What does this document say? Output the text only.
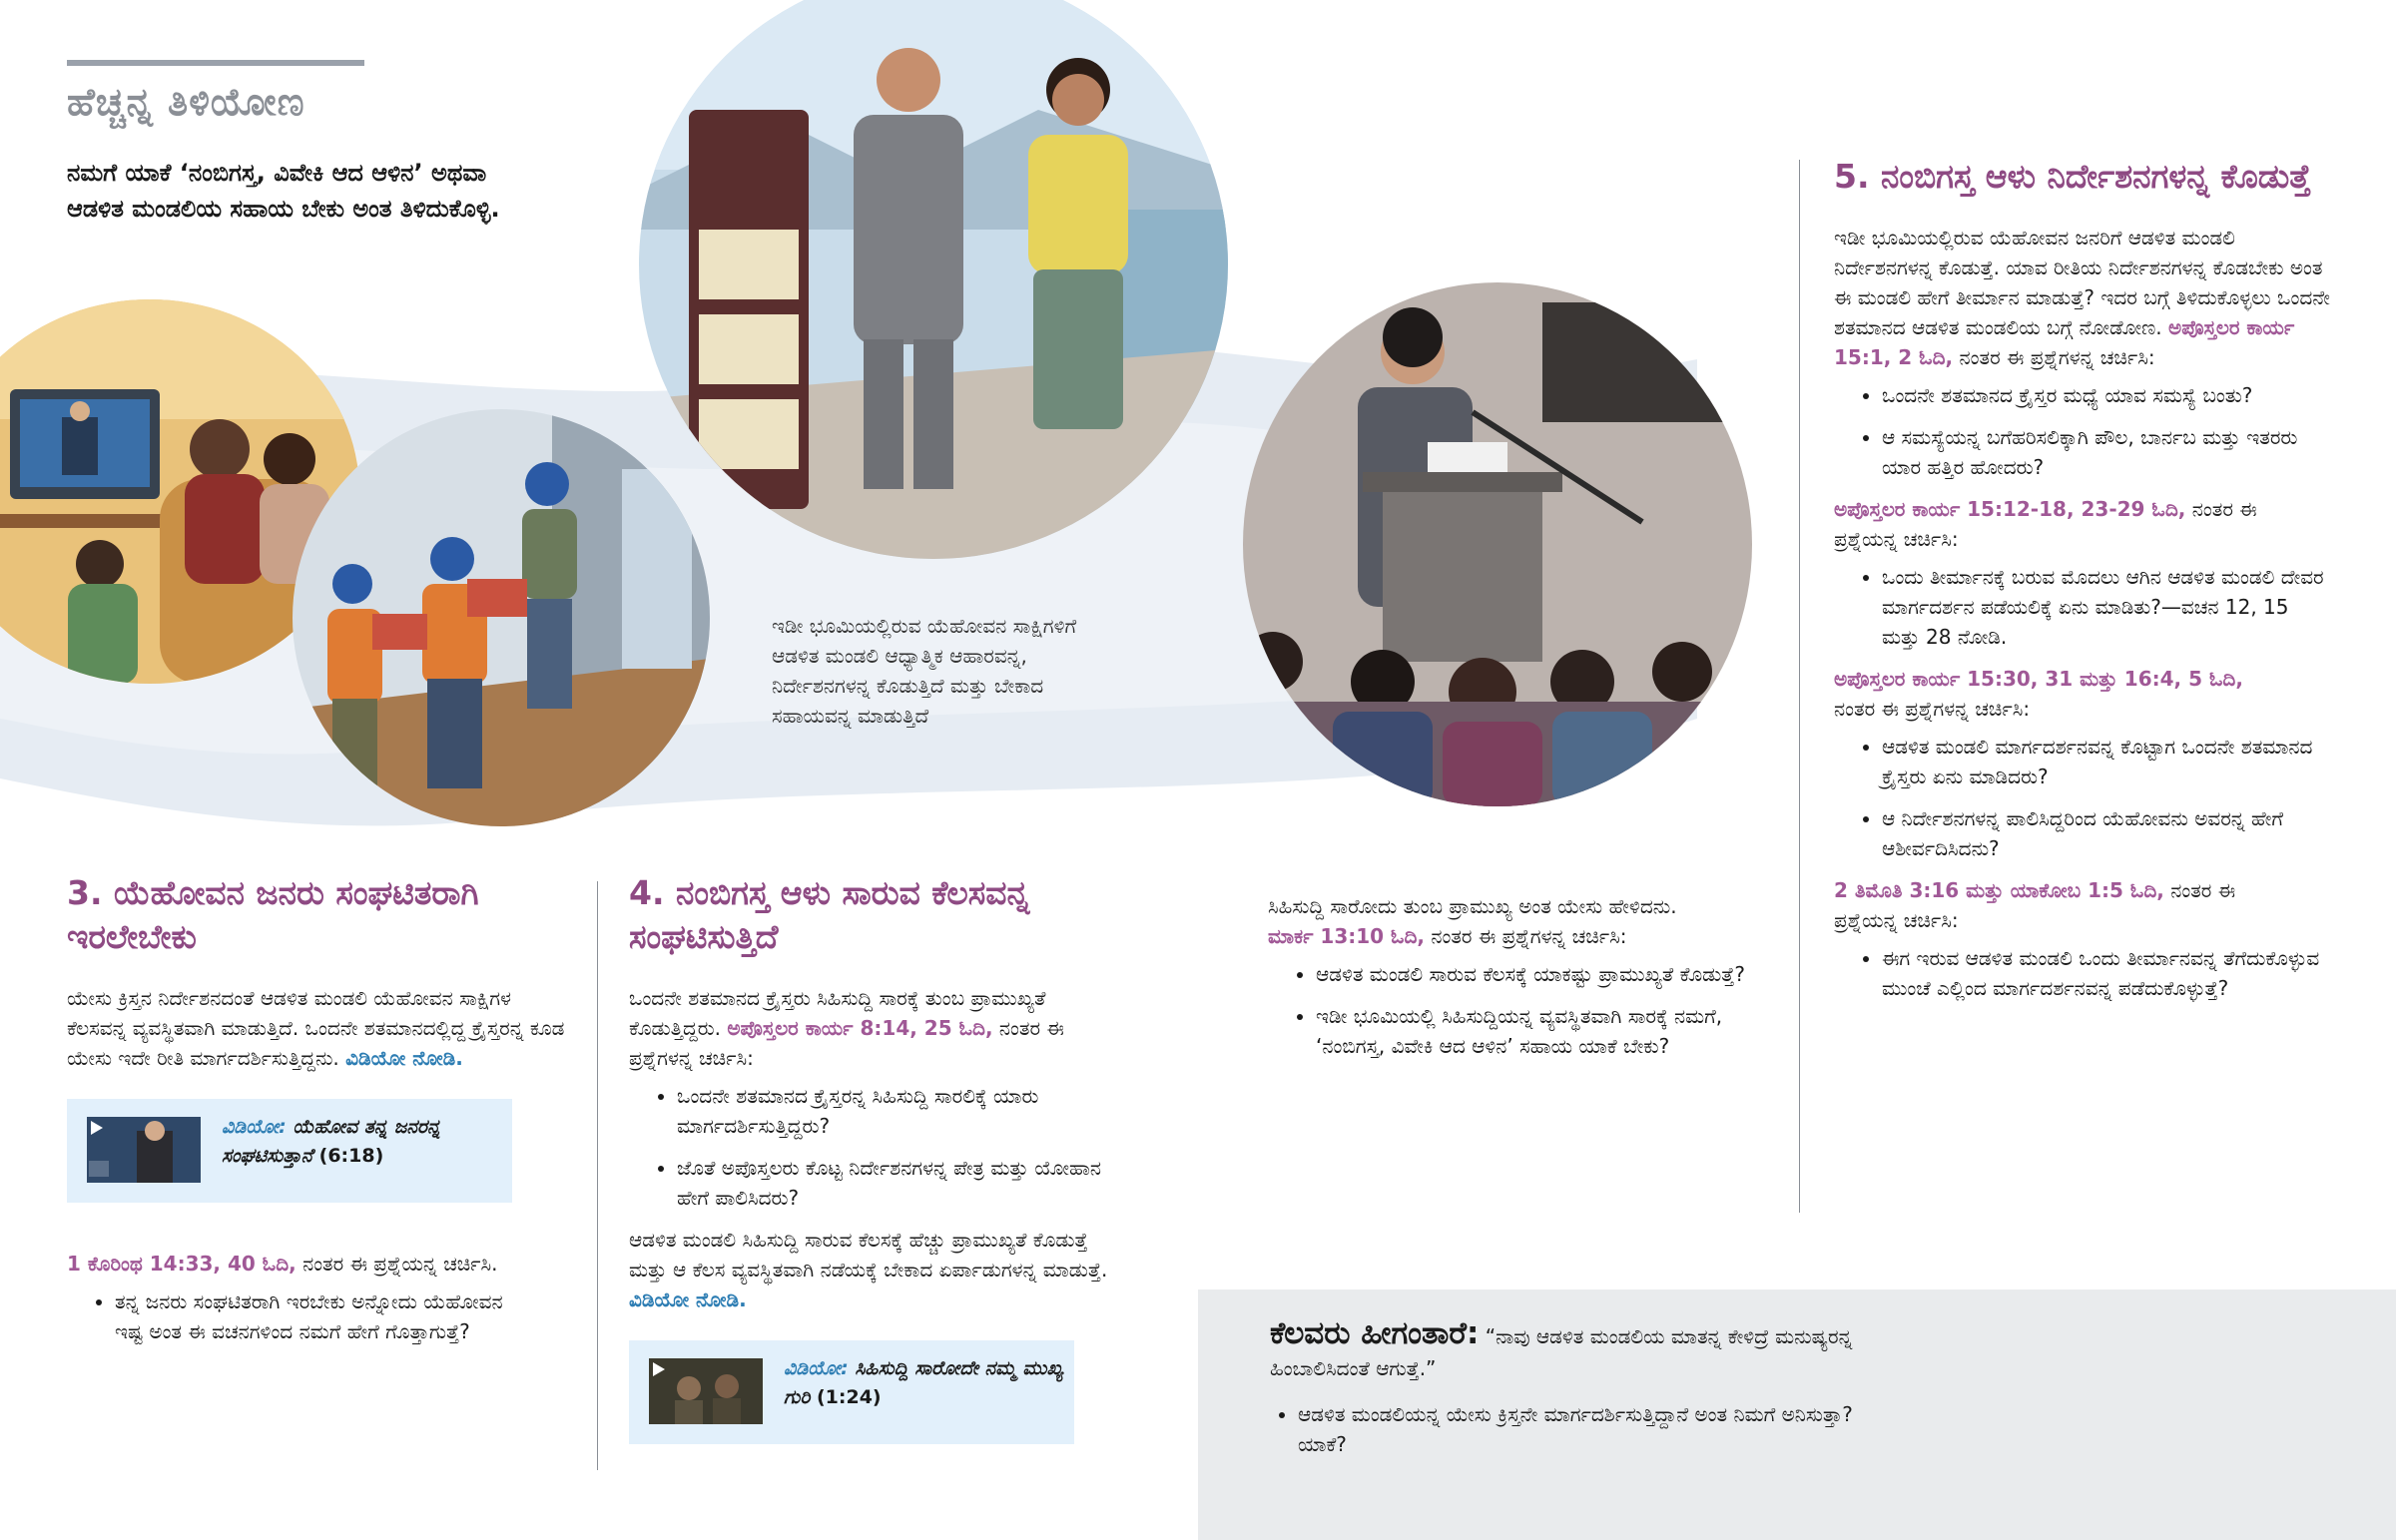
ಹೆಚ್ಚನ್ನ ತಿಳಿಯೋಣ
ನಮಗೆ ಯಾಕೆ ‘ನಂಬಿಗಸ್ತ, ವಿವೇಕಿ ಆದ ಆಳಿನ’ ಅಥವಾ ಆಡಳಿತ ಮಂಡಲಿಯ ಸಹಾಯ ಬೇಕು ಅಂತ ತಿಳಿದುಕೊಳ್ಳಿ.
ಇಡೀ ಭೂಮಿಯಲ್ಲಿರುವ ಯೆಹೋವನ ಸಾಕ್ಷಿಗಳಿಗೆ ಆಡಳಿತ ಮಂಡಲಿ ಆಧ್ಯಾತ್ಮಿಕ ಆಹಾರವನ್ನ, ನಿರ್ದೇಶನಗಳನ್ನ ಕೊಡುತ್ತಿದೆ ಮತ್ತು ಬೇಕಾದ ಸಹಾಯವನ್ನ ಮಾಡುತ್ತಿದೆ
3. ಯೆಹೋವನ ಜನರು ಸಂಘಟಿತರಾಗಿ ಇರಲೇಬೇಕು
ಯೇಸು ಕ್ರಿಸ್ತನ ನಿರ್ದೇಶನದಂತೆ ಆಡಳಿತ ಮಂಡಲಿ ಯೆಹೋವನ ಸಾಕ್ಷಿಗಳ ಕೆಲಸವನ್ನ ವ್ಯವಸ್ಥಿತವಾಗಿ ಮಾಡುತ್ತಿದೆ. ಒಂದನೇ ಶತಮಾನದಲ್ಲಿದ್ದ ಕ್ರೈಸ್ತರನ್ನ ಕೂಡ ಯೇಸು ಇದೇ ರೀತಿ ಮಾರ್ಗದರ್ಶಿಸುತ್ತಿದ್ದನು. ವಿಡಿಯೋ ನೋಡಿ.
ವಿಡಿಯೋ: ಯೆಹೋವ ತನ್ನ ಜನರನ್ನ ಸಂಘಟಿಸುತ್ತಾನೆ (6:18)
1 ಕೊರಿಂಥ 14:33, 40 ಓದಿ, ನಂತರ ಈ ಪ್ರಶ್ನೆಯನ್ನ ಚರ್ಚಿಸಿ.
• ತನ್ನ ಜನರು ಸಂಘಟಿತರಾಗಿ ಇರಬೇಕು ಅನ್ನೋದು ಯೆಹೋವನ ಇಷ್ಟ ಅಂತ ಈ ವಚನಗಳಿಂದ ನಮಗೆ ಹೇಗೆ ಗೊತ್ತಾಗುತ್ತೆ?
4. ನಂಬಿಗಸ್ತ ಆಳು ಸಾರುವ ಕೆಲಸವನ್ನ ಸಂಘಟಿಸುತ್ತಿದೆ
ಒಂದನೇ ಶತಮಾನದ ಕ್ರೈಸ್ತರು ಸಿಹಿಸುದ್ದಿ ಸಾರಕ್ಕೆ ತುಂಬ ಪ್ರಾಮುಖ್ಯತೆ ಕೊಡುತ್ತಿದ್ದರು. ಅಪೊಸ್ತಲರ ಕಾರ್ಯ 8:14, 25 ಓದಿ, ನಂತರ ಈ ಪ್ರಶ್ನೆಗಳನ್ನ ಚರ್ಚಿಸಿ:
• ಒಂದನೇ ಶತಮಾನದ ಕ್ರೈಸ್ತರನ್ನ ಸಿಹಿಸುದ್ದಿ ಸಾರಲಿಕ್ಕೆ ಯಾರು ಮಾರ್ಗದರ್ಶಿಸುತ್ತಿದ್ದರು?
• ಜೊತೆ ಅಪೊಸ್ತಲರು ಕೊಟ್ಟ ನಿರ್ದೇಶನಗಳನ್ನ ಪೇತ್ರ ಮತ್ತು ಯೋಹಾನ ಹೇಗೆ ಪಾಲಿಸಿದರು?
ಆಡಳಿತ ಮಂಡಲಿ ಸಿಹಿಸುದ್ದಿ ಸಾರುವ ಕೆಲಸಕ್ಕೆ ಹೆಚ್ಚು ಪ್ರಾಮುಖ್ಯತೆ ಕೊಡುತ್ತೆ ಮತ್ತು ಆ ಕೆಲಸ ವ್ಯವಸ್ಥಿತವಾಗಿ ನಡೆಯಕ್ಕೆ ಬೇಕಾದ ಏರ್ಪಾಡುಗಳನ್ನ ಮಾಡುತ್ತೆ. ವಿಡಿಯೋ ನೋಡಿ.
ವಿಡಿಯೋ: ಸಿಹಿಸುದ್ದಿ ಸಾರೋದೇ ನಮ್ಮ ಮುಖ್ಯ ಗುರಿ (1:24)
ಸಿಹಿಸುದ್ದಿ ಸಾರೋದು ತುಂಬ ಪ್ರಾಮುಖ್ಯ ಅಂತ ಯೇಸು ಹೇಳಿದನು. ಮಾರ್ಕ 13:10 ಓದಿ, ನಂತರ ಈ ಪ್ರಶ್ನೆಗಳನ್ನ ಚರ್ಚಿಸಿ:
• ಆಡಳಿತ ಮಂಡಲಿ ಸಾರುವ ಕೆಲಸಕ್ಕೆ ಯಾಕಷ್ಟು ಪ್ರಾಮುಖ್ಯತೆ ಕೊಡುತ್ತೆ?
• ಇಡೀ ಭೂಮಿಯಲ್ಲಿ ಸಿಹಿಸುದ್ದಿಯನ್ನ ವ್ಯವಸ್ಥಿತವಾಗಿ ಸಾರಕ್ಕೆ ನಮಗೆ, ‘ನಂಬಿಗಸ್ತ, ವಿವೇಕಿ ಆದ ಆಳಿನ’ ಸಹಾಯ ಯಾಕೆ ಬೇಕು?
5. ನಂಬಿಗಸ್ತ ಆಳು ನಿರ್ದೇಶನಗಳನ್ನ ಕೊಡುತ್ತೆ
ಇಡೀ ಭೂಮಿಯಲ್ಲಿರುವ ಯೆಹೋವನ ಜನರಿಗೆ ಆಡಳಿತ ಮಂಡಲಿ ನಿರ್ದೇಶನಗಳನ್ನ ಕೊಡುತ್ತೆ. ಯಾವ ರೀತಿಯ ನಿರ್ದೇಶನಗಳನ್ನ ಕೊಡಬೇಕು ಅಂತ ಈ ಮಂಡಲಿ ಹೇಗೆ ತೀರ್ಮಾನ ಮಾಡುತ್ತೆ? ಇದರ ಬಗ್ಗೆ ತಿಳಿದುಕೊಳ್ಳಲು ಒಂದನೇ ಶತಮಾನದ ಆಡಳಿತ ಮಂಡಲಿಯ ಬಗ್ಗೆ ನೋಡೋಣ. ಅಪೊಸ್ತಲರ ಕಾರ್ಯ 15:1, 2 ಓದಿ, ನಂತರ ಈ ಪ್ರಶ್ನೆಗಳನ್ನ ಚರ್ಚಿಸಿ:
• ಒಂದನೇ ಶತಮಾನದ ಕ್ರೈಸ್ತರ ಮಧ್ಯೆ ಯಾವ ಸಮಸ್ಯೆ ಬಂತು?
• ಆ ಸಮಸ್ಯೆಯನ್ನ ಬಗೆಹರಿಸಲಿಕ್ಕಾಗಿ ಪೌಲ, ಬಾರ್ನಬ ಮತ್ತು ಇತರರು ಯಾರ ಹತ್ತಿರ ಹೋದರು?
ಅಪೊಸ್ತಲರ ಕಾರ್ಯ 15:12-18, 23-29 ಓದಿ, ನಂತರ ಈ ಪ್ರಶ್ನೆಯನ್ನ ಚರ್ಚಿಸಿ:
• ಒಂದು ತೀರ್ಮಾನಕ್ಕೆ ಬರುವ ಮೊದಲು ಆಗಿನ ಆಡಳಿತ ಮಂಡಲಿ ದೇವರ ಮಾರ್ಗದರ್ಶನ ಪಡೆಯಲಿಕ್ಕೆ ಏನು ಮಾಡಿತು?—ವಚನ 12, 15 ಮತ್ತು 28 ನೋಡಿ.
ಅಪೊಸ್ತಲರ ಕಾರ್ಯ 15:30, 31 ಮತ್ತು 16:4, 5 ಓದಿ, ನಂತರ ಈ ಪ್ರಶ್ನೆಗಳನ್ನ ಚರ್ಚಿಸಿ:
• ಆಡಳಿತ ಮಂಡಲಿ ಮಾರ್ಗದರ್ಶನವನ್ನ ಕೊಟ್ಟಾಗ ಒಂದನೇ ಶತಮಾನದ ಕ್ರೈಸ್ತರು ಏನು ಮಾಡಿದರು?
• ಆ ನಿರ್ದೇಶನಗಳನ್ನ ಪಾಲಿಸಿದ್ದರಿಂದ ಯೆಹೋವನು ಅವರನ್ನ ಹೇಗೆ ಆಶೀರ್ವದಿಸಿದನು?
2 ತಿಮೊತಿ 3:16 ಮತ್ತು ಯಾಕೋಬ 1:5 ಓದಿ, ನಂತರ ಈ ಪ್ರಶ್ನೆಯನ್ನ ಚರ್ಚಿಸಿ:
• ಈಗ ಇರುವ ಆಡಳಿತ ಮಂಡಲಿ ಒಂದು ತೀರ್ಮಾನವನ್ನ ತೆಗೆದುಕೊಳ್ಳುವ ಮುಂಚೆ ಎಲ್ಲಿಂದ ಮಾರ್ಗದರ್ಶನವನ್ನ ಪಡೆದುಕೊಳ್ಳುತ್ತೆ?
ಕೆಲವರು ಹೀಗಂತಾರೆ: “ನಾವು ಆಡಳಿತ ಮಂಡಲಿಯ ಮಾತನ್ನ ಕೇಳಿದ್ರೆ ಮನುಷ್ಯರನ್ನ ಹಿಂಬಾಲಿಸಿದಂತೆ ಆಗುತ್ತೆ.”
• ಆಡಳಿತ ಮಂಡಲಿಯನ್ನ ಯೇಸು ಕ್ರಿಸ್ತನೇ ಮಾರ್ಗದರ್ಶಿಸುತ್ತಿದ್ದಾನೆ ಅಂತ ನಿಮಗೆ ಅನಿಸುತ್ತಾ? ಯಾಕೆ?
